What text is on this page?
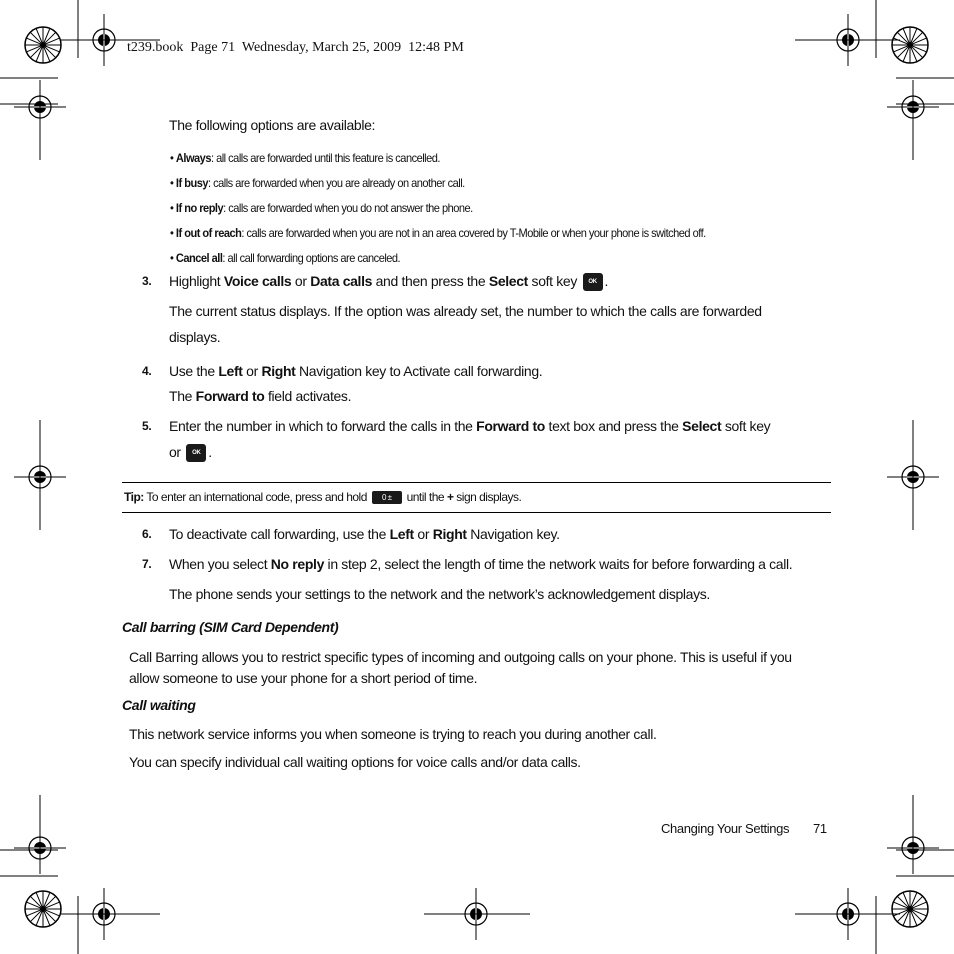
t239.book  Page 71  Wednesday, March 25, 2009  12:48 PM
The following options are available:
• Always: all calls are forwarded until this feature is cancelled.
• If busy: calls are forwarded when you are already on another call.
• If no reply: calls are forwarded when you do not answer the phone.
• If out of reach: calls are forwarded when you are not in an area covered by T-Mobile or when your phone is switched off.
• Cancel all: all call forwarding options are canceled.
3. Highlight Voice calls or Data calls and then press the Select soft key OK .
The current status displays. If the option was already set, the number to which the calls are forwarded
displays.
4. Use the Left or Right Navigation key to Activate call forwarding.
The Forward to field activates.
5. Enter the number in which to forward the calls in the Forward to text box and press the Select soft key
or OK .
Tip: To enter an international code, press and hold 0 ± until the + sign displays.
6. To deactivate call forwarding, use the Left or Right Navigation key.
7. When you select No reply in step 2, select the length of time the network waits for before forwarding a call.
The phone sends your settings to the network and the network’s acknowledgement displays.
Call barring (SIM Card Dependent)
Call Barring allows you to restrict specific types of incoming and outgoing calls on your phone. This is useful if you
allow someone to use your phone for a short period of time.
Call waiting
This network service informs you when someone is trying to reach you during another call.
You can specify individual call waiting options for voice calls and/or data calls.
Changing Your Settings 71
